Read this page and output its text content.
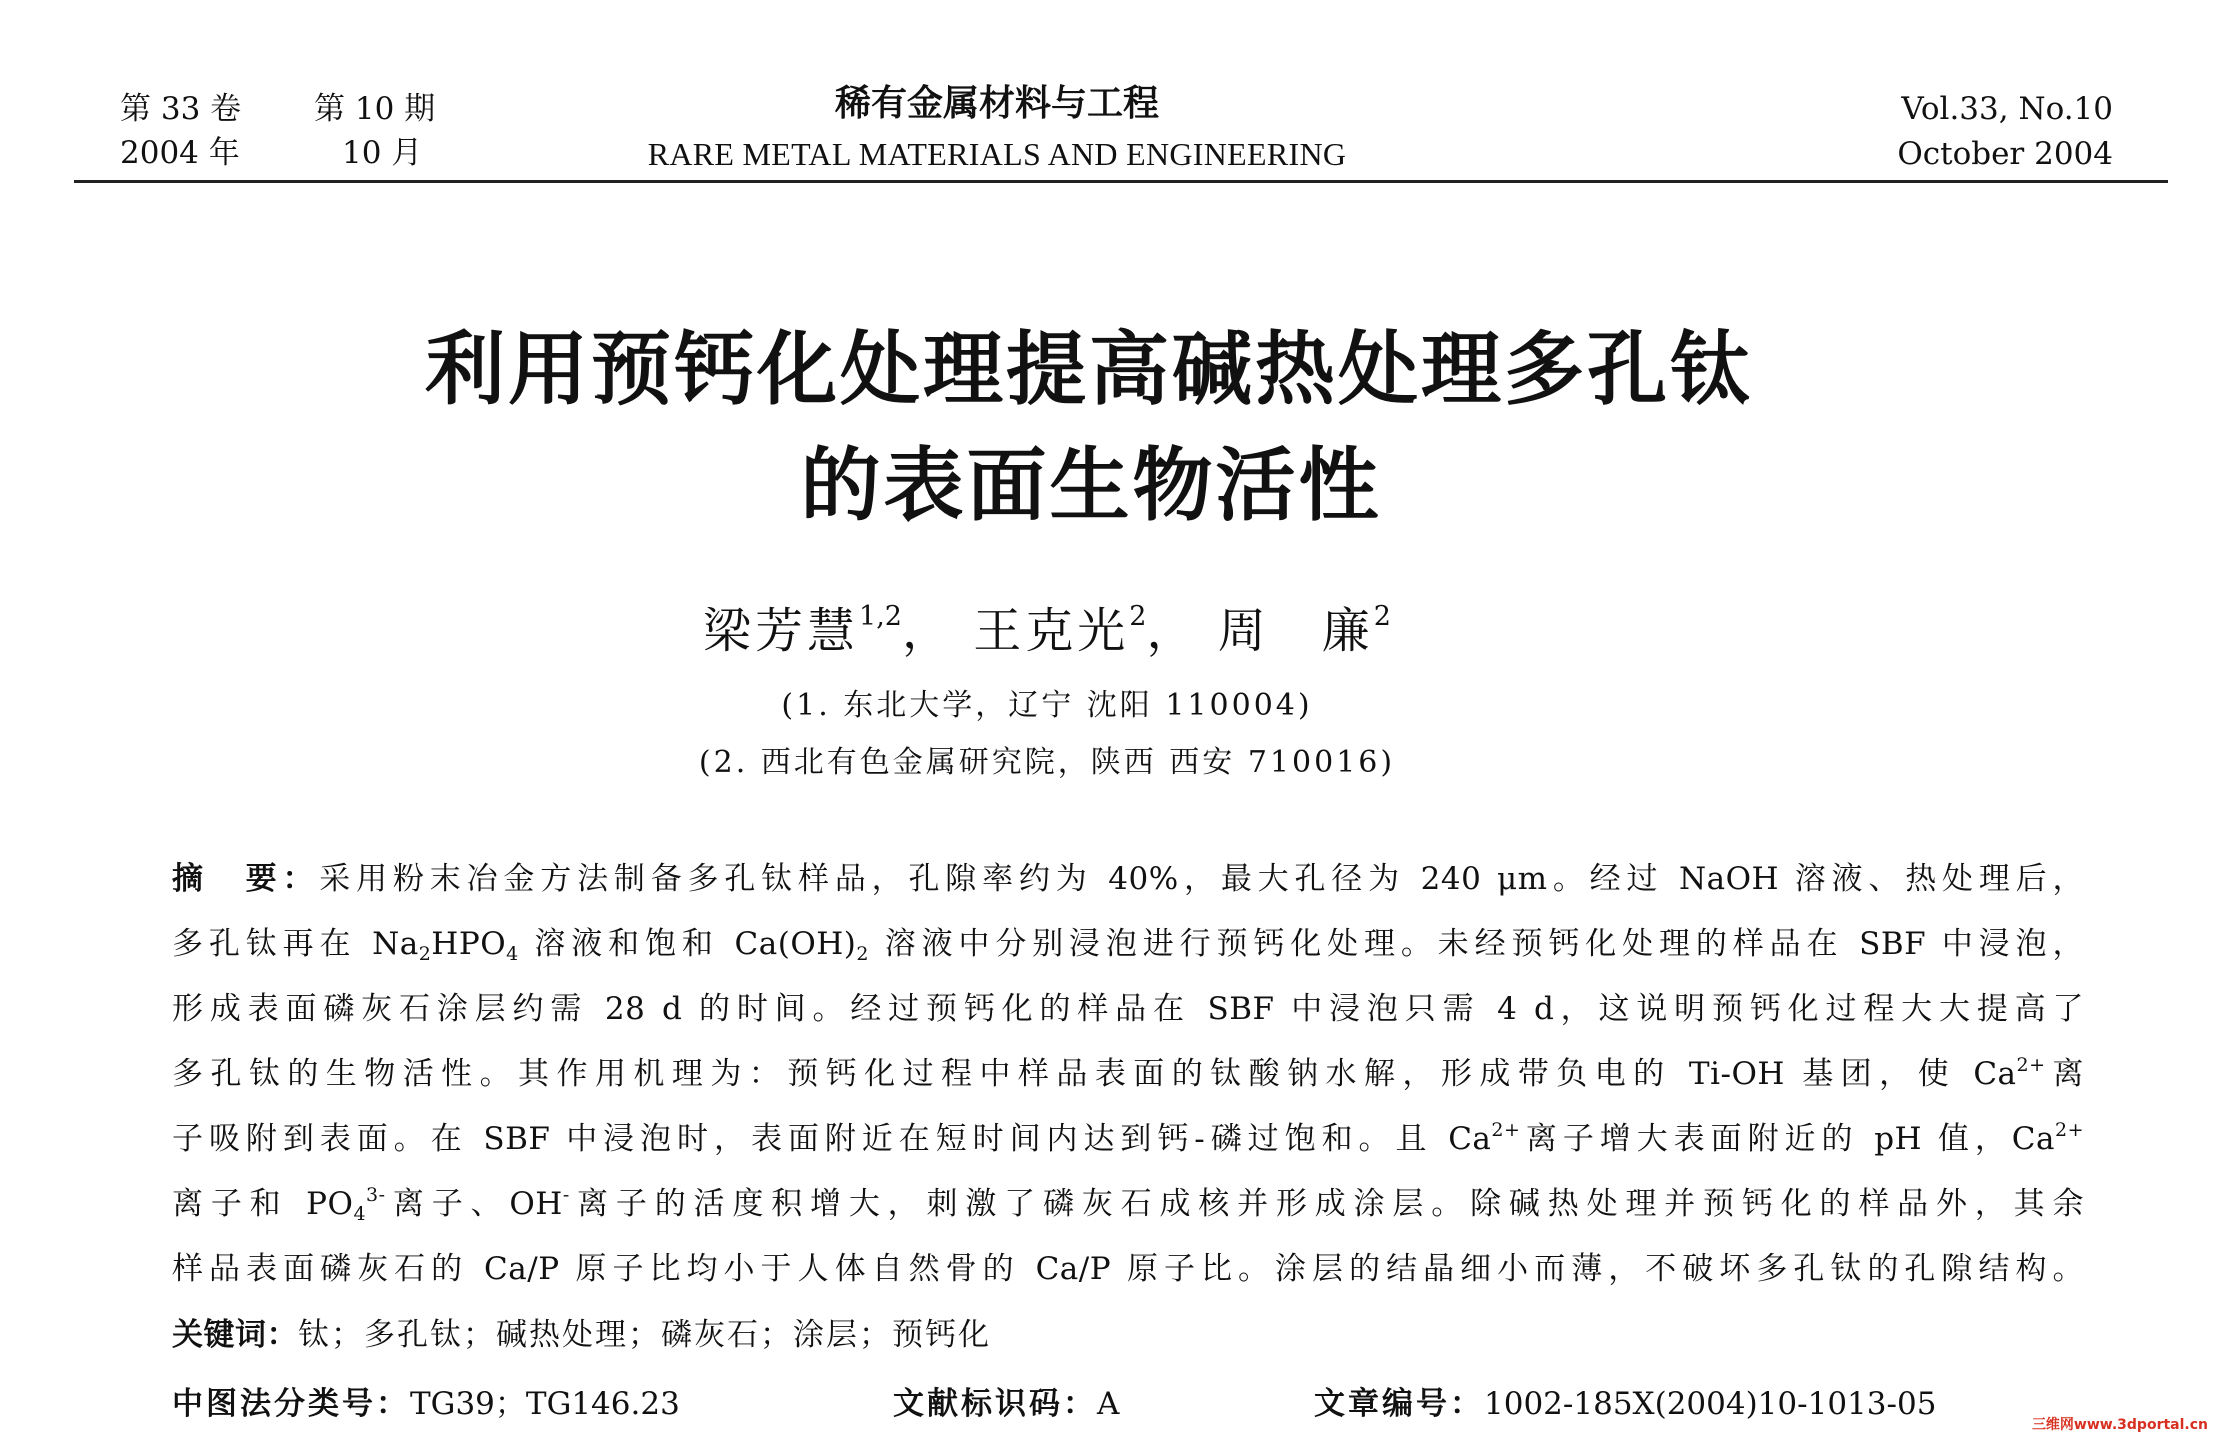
第 33 卷 第 10 期
2004 年	10 月
稀有金属材料与工程
RARE METAL MATERIALS AND ENGINEERING
Vol.33, No.10
October 2004
利用预钙化处理提高碱热处理多孔钛
的表面生物活性
梁芳慧$^{1,2}$， 王克光$^2$， 周　廉$^2$
(1. 东北大学，辽宁 沈阳 110004)
(2. 西北有色金属研究院，陕西 西安 710016)
摘　要：采用粉末冶金方法制备多孔钛样品，孔隙率约为 40%，最大孔径为 240 μm。经过 NaOH 溶液、热处理后，
多孔钛再在 $Na_2HPO_4$ 溶液和饱和 $Ca(OH)_2$ 溶液中分别浸泡进行预钙化处理。未经预钙化处理的样品在 SBF 中浸泡，
形成表面磷灰石涂层约需 28 d 的时间。经过预钙化的样品在 SBF 中浸泡只需 4 d，这说明预钙化过程大大提高了
多孔钛的生物活性。其作用机理为：预钙化过程中样品表面的钛酸钠水解，形成带负电的 Ti-OH 基团，使 $Ca^{2+}$离
子吸附到表面。在 SBF 中浸泡时，表面附近在短时间内达到钙-磷过饱和。且 $Ca^{2+}$离子增大表面附近的 pH 值，$Ca^{2+}$
离子和 $PO_4^{3-}$离子、OH-离子的活度积增大，刺激了磷灰石成核并形成涂层。除碱热处理并预钙化的样品外，其余
样品表面磷灰石的 Ca/P 原子比均小于人体自然骨的 Ca/P 原子比。涂层的结晶细小而薄，不破坏多孔钛的孔隙结构。
关键词：钛；多孔钛；碱热处理；磷灰石；涂层；预钙化
中图法分类号：TG39；TG146.23	文献标识码：A	文章编号：1002-185X(2004)10-1013-05
三维网www.3dportal.cn
